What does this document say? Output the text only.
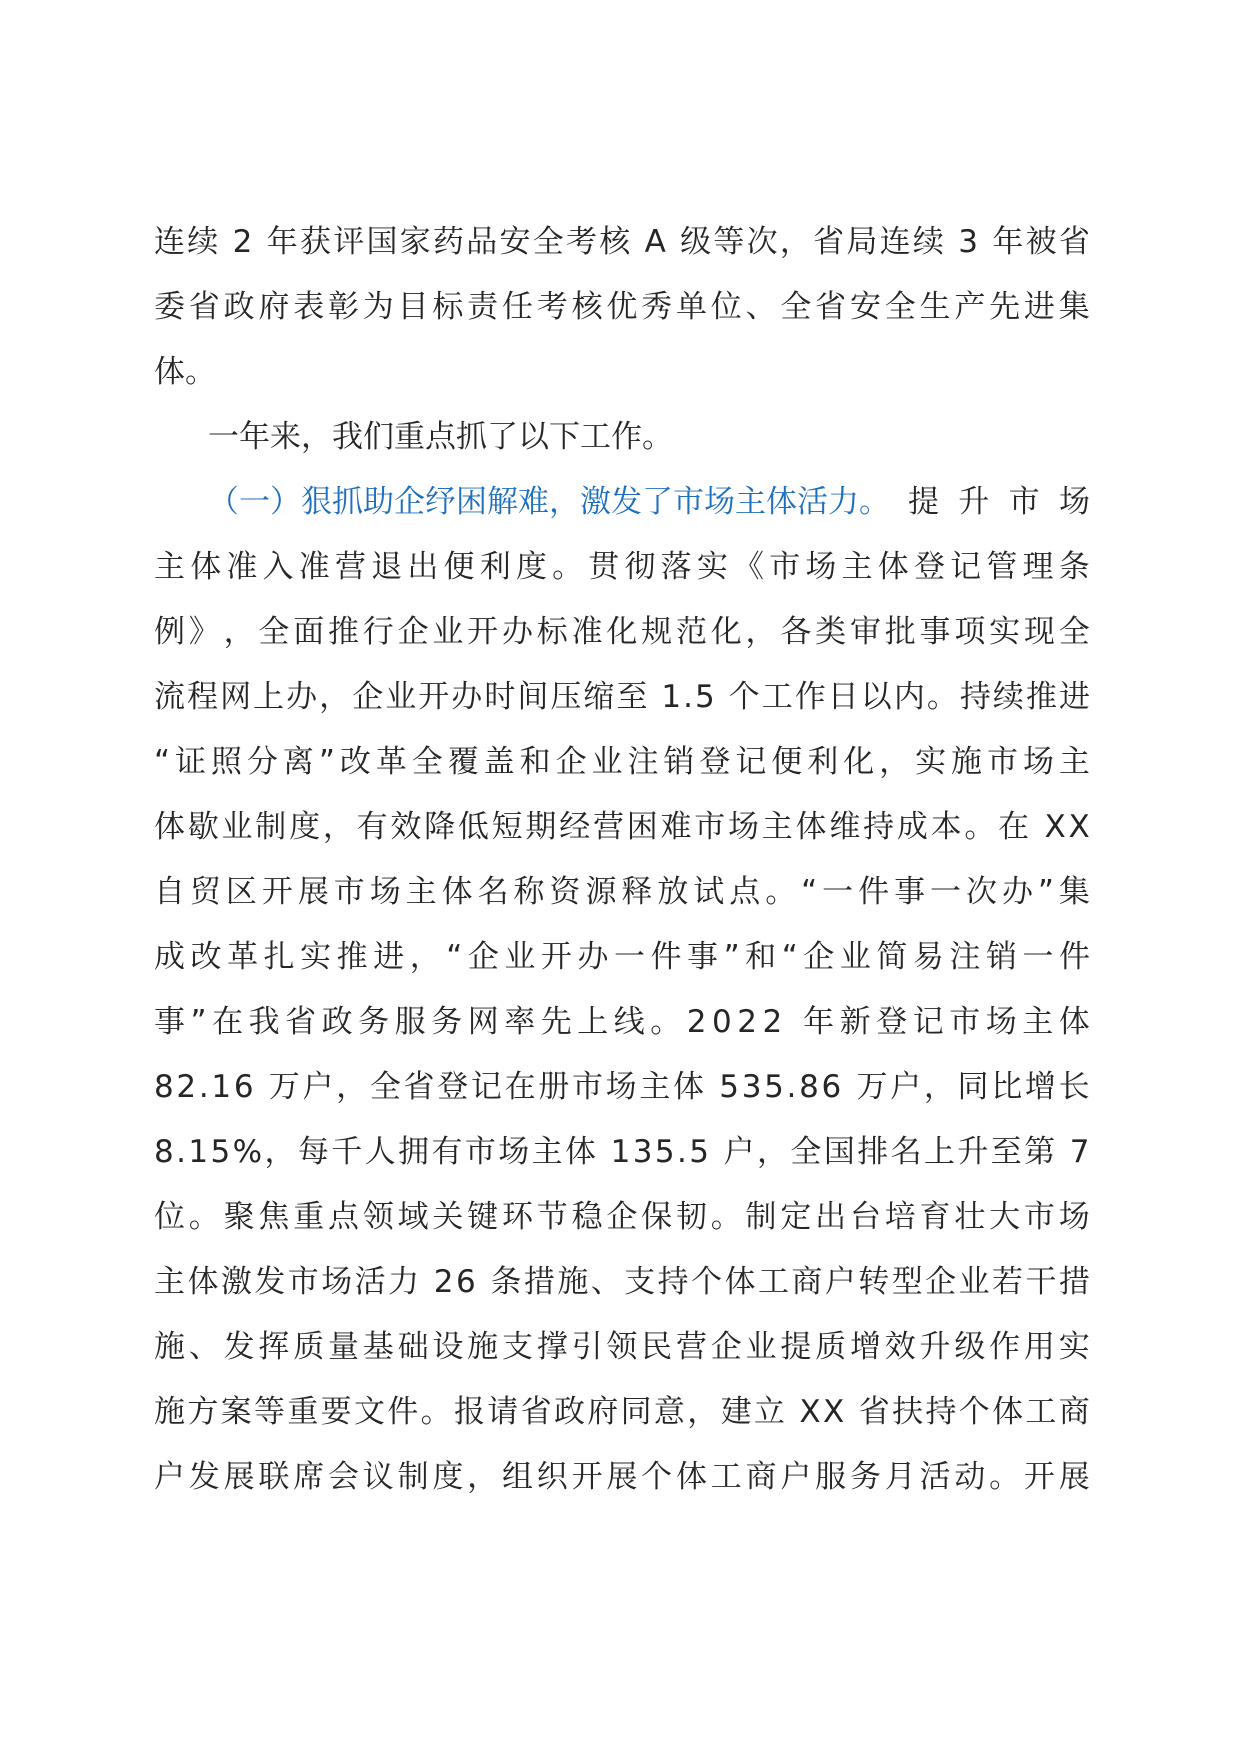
连 续
2
年 获 评 国 家 药 品 安 全 考 核
A
级 等 次 ， 省 局 连 续
3
年 被 省
委 省 政 府 表 彰 为 目 标 责 任 考 核 优 秀 单 位 、 全 省 安 全 生 产 先 进 集
体。
一年来，我们重点抓了以下工作。
（一）狠抓助企纾困解难，激发了市场主体活力。 提 升 市 场
主 体 准 入 准 营 退 出 便 利 度 。 贯 彻 落 实 《 市 场 主 体 登 记 管 理 条
例 》 ， 全 面 推 行 企 业 开 办 标 准 化 规 范 化 ， 各 类 审 批 事 项 实 现 全
流 程 网 上 办 ， 企 业 开 办 时 间 压 缩 至
1 . 5
个 工 作 日 以 内 。 持 续 推 进
“ 证 照 分 离 ” 改 革 全 覆 盖 和 企 业 注 销 登 记 便 利 化 ， 实 施 市 场 主
体 歇 业 制 度 ， 有 效 降 低 短 期 经 营 困 难 市 场 主 体 维 持 成 本 。 在
X X
自 贸 区 开 展 市 场 主 体 名 称 资 源 释 放 试 点 。 “ 一 件 事 一 次 办 ” 集
成 改 革 扎 实 推 进 ， “ 企 业 开 办 一 件 事 ” 和 “ 企 业 简 易 注 销 一 件
事 ” 在 我 省 政 务 服 务 网 率 先 上 线 。 2 0 2 2
年 新 登 记 市 场 主 体
8 2 . 1 6
万 户 ， 全 省 登 记 在 册 市 场 主 体
5 3 5 . 8 6
万 户 ， 同 比 增 长
8 . 1 5 % ， 每 千 人 拥 有 市 场 主 体
1 3 5 . 5
户 ， 全 国 排 名 上 升 至 第
7
位 。 聚 焦 重 点 领 域 关 键 环 节 稳 企 保 韧 。 制 定 出 台 培 育 壮 大 市 场
主 体 激 发 市 场 活 力
2 6
条 措 施 、 支 持 个 体 工 商 户 转 型 企 业 若 干 措
施 、 发 挥 质 量 基 础 设 施 支 撑 引 领 民 营 企 业 提 质 增 效 升 级 作 用 实
施 方 案 等 重 要 文 件 。 报 请 省 政 府 同 意 ， 建 立
X X
省 扶 持 个 体 工 商
户 发 展 联 席 会 议 制 度 ， 组 织 开 展 个 体 工 商 户 服 务 月 活 动 。 开 展
